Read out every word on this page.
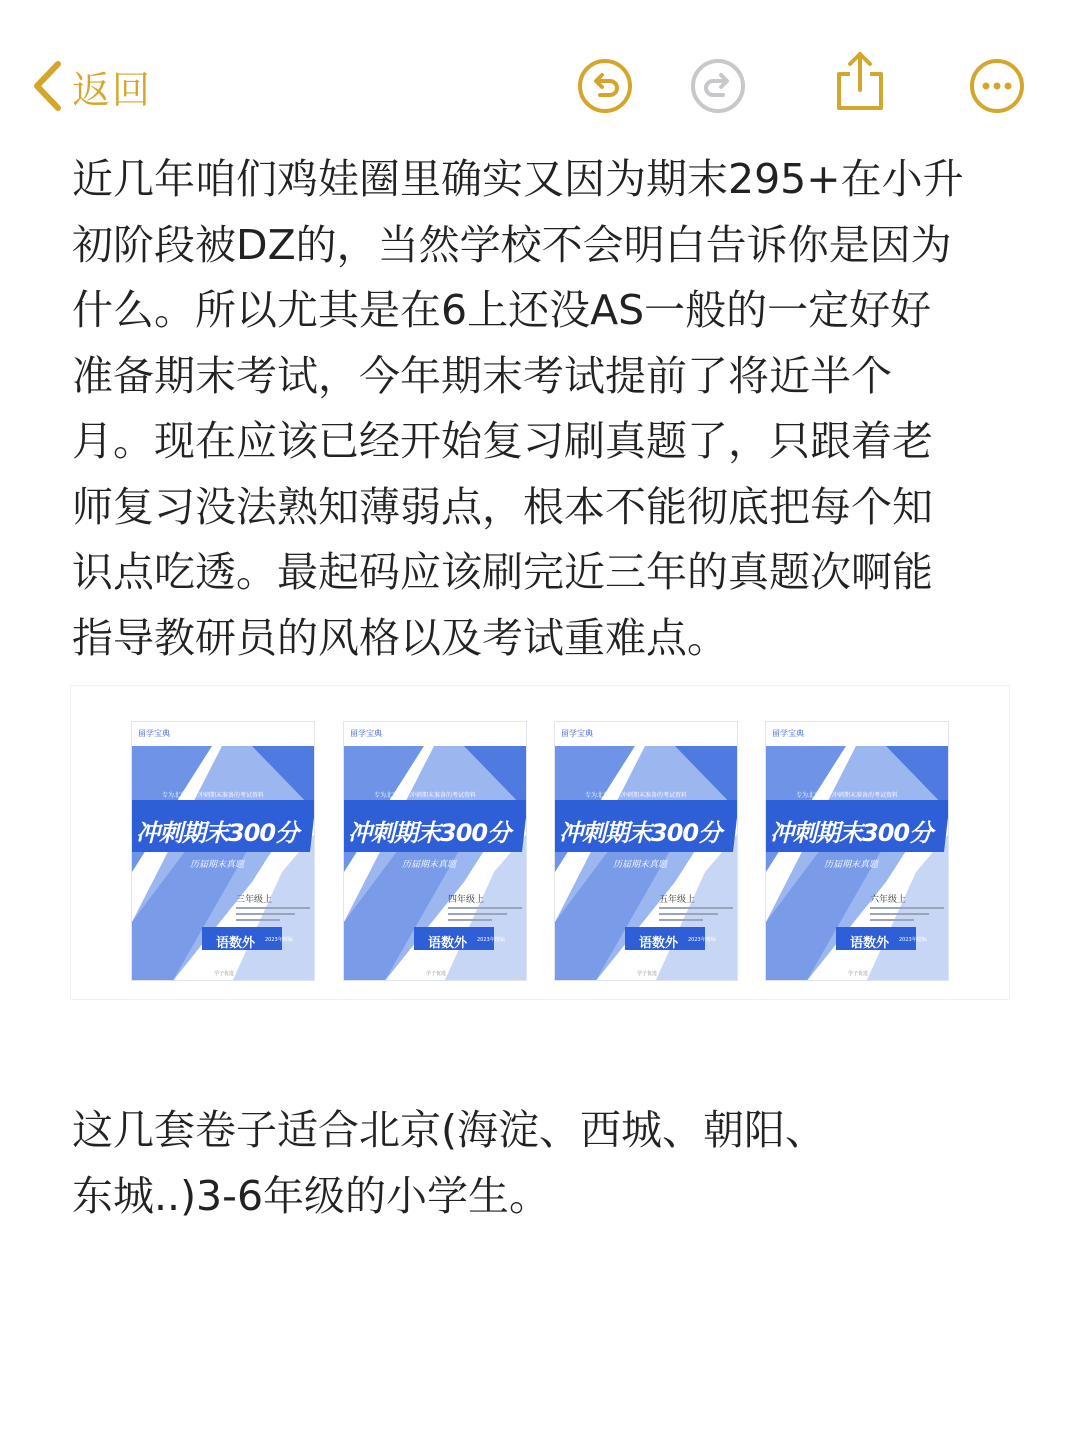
返回
近几年咱们鸡娃圈里确实又因为期末295+在小升
初阶段被DZ的，当然学校不会明白告诉你是因为
什么。所以尤其是在6上还没AS一般的一定好好
准备期末考试，今年期末考试提前了将近半个
月。现在应该已经开始复习刷真题了，只跟着老
师复习没法熟知薄弱点，根本不能彻底把每个知
识点吃透。最起码应该刷完近三年的真题次啊能
指导教研员的风格以及考试重难点。
留学宝典
专为北京学生冲刺期末准备的考试资料
冲刺期末300分
历届期末真题
三年级上
语数外 2023年精编
学子优选
留学宝典
专为北京学生冲刺期末准备的考试资料
冲刺期末300分
历届期末真题
四年级上
语数外 2023年精编
学子优选
留学宝典
专为北京学生冲刺期末准备的考试资料
冲刺期末300分
历届期末真题
五年级上
语数外 2023年精编
学子优选
留学宝典
专为北京学生冲刺期末准备的考试资料
冲刺期末300分
历届期末真题
六年级上
语数外 2023年精编
学子优选
这几套卷子适合北京(海淀、西城、朝阳、
东城..)3-6年级的小学生。
